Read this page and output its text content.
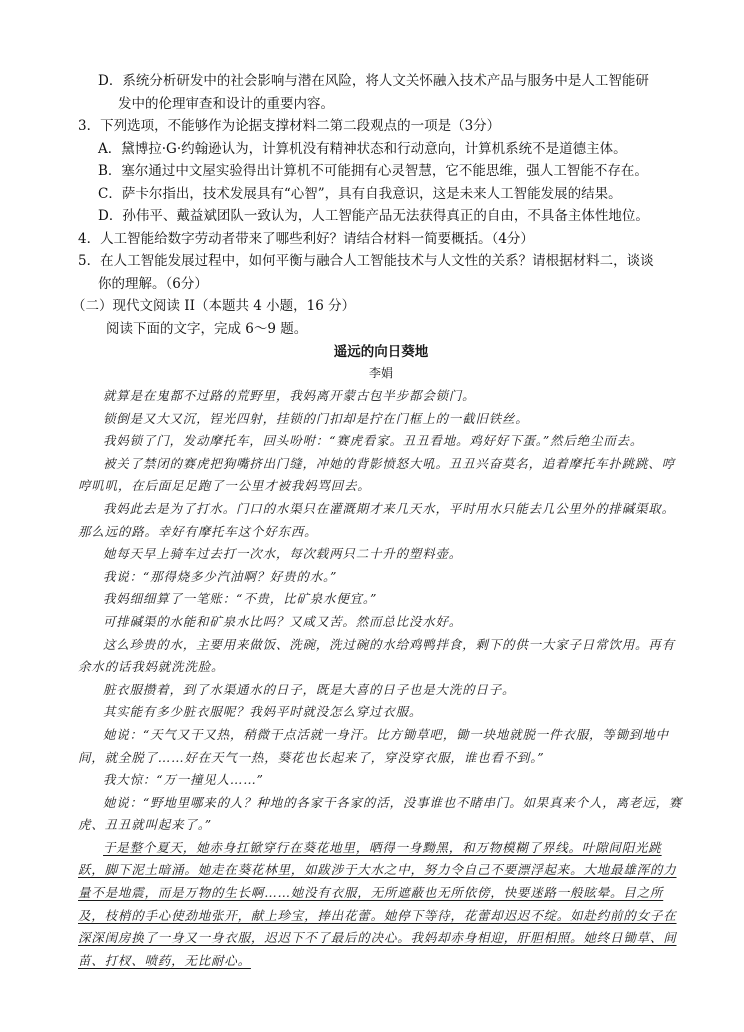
D．系统分析研发中的社会影响与潜在风险，将人文关怀融入技术产品与服务中是人工智能研

发中的伦理审查和设计的重要内容。

3．下列选项，不能够作为论据支撑材料二第二段观点的一项是（3分）

A．黛博拉·G·约翰逊认为，计算机没有精神状态和行动意向，计算机系统不是道德主体。

B．塞尔通过中文屋实验得出计算机不可能拥有心灵智慧，它不能思维，强人工智能不存在。

C．萨卡尔指出，技术发展具有“心智”，具有自我意识，这是未来人工智能发展的结果。

D．孙伟平、戴益斌团队一致认为，人工智能产品无法获得真正的自由，不具备主体性地位。

4．人工智能给数字劳动者带来了哪些利好？请结合材料一简要概括。（4分）

5．在人工智能发展过程中，如何平衡与融合人工智能技术与人文性的关系？请根据材料二，谈谈

你的理解。（6分）

（二）现代文阅读 II（本题共 4 小题，16 分）

阅读下面的文字，完成 6～9 题。

遥远的向日葵地

李娟

就算是在鬼都不过路的荒野里，我妈离开蒙古包半步都会锁门。

锁倒是又大又沉，锃光四射，挂锁的门扣却是拧在门框上的一截旧铁丝。

我妈锁了门，发动摩托车，回头吩咐：“赛虎看家。丑丑看地。鸡好好下蛋。”然后绝尘而去。

被关了禁闭的赛虎把狗嘴挤出门缝，冲她的背影愤怒大吼。丑丑兴奋莫名，追着摩托车扑跳跳、哼哼叽叽，在后面足足跑了一公里才被我妈骂回去。

我妈此去是为了打水。门口的水渠只在灌溉期才来几天水，平时用水只能去几公里外的排碱渠取。那么远的路。幸好有摩托车这个好东西。

她每天早上骑车过去打一次水，每次载两只二十升的塑料壶。

我说：“那得烧多少汽油啊？好贵的水。”

我妈细细算了一笔账：“不贵，比矿泉水便宜。”

可排碱渠的水能和矿泉水比吗？又咸又苦。然而总比没水好。

这么珍贵的水，主要用来做饭、洗碗，洗过碗的水给鸡鸭拌食，剩下的供一大家子日常饮用。再有余水的话我妈就洗洗脸。

脏衣服攒着，到了水渠通水的日子，既是大喜的日子也是大洗的日子。

其实能有多少脏衣服呢？我妈平时就没怎么穿过衣服。

她说：“天气又干又热，稍微干点活就一身汗。比方锄草吧，锄一块地就脱一件衣服，等锄到地中间，就全脱了……好在天气一热，葵花也长起来了，穿没穿衣服，谁也看不到。”

我大惊：“万一撞见人……”

她说：“野地里哪来的人？种地的各家干各家的活，没事谁也不睹串门。如果真来个人，离老远，赛虎、丑丑就叫起来了。”

于是整个夏天，她赤身扛锨穿行在葵花地里，晒得一身黝黑，和万物模糊了界线。叶隙间阳光跳跃，脚下泥土暗涌。她走在葵花林里，如跋涉于大水之中，努力令自己不要漂浮起来。大地最雄浑的力量不是地震，而是万物的生长啊……她没有衣服，无所遮蔽也无所依傍，快要迷路一般眩晕。目之所及，枝梢的手心使劲地张开，献上珍宝，捧出花蕾。她停下等待，花蕾却迟迟不绽。如赴约前的女子在深深闺房换了一身又一身衣服，迟迟下不了最后的决心。我妈却赤身相迎，肝胆相照。她终日锄草、间苗、打杈、喷药，无比耐心。
